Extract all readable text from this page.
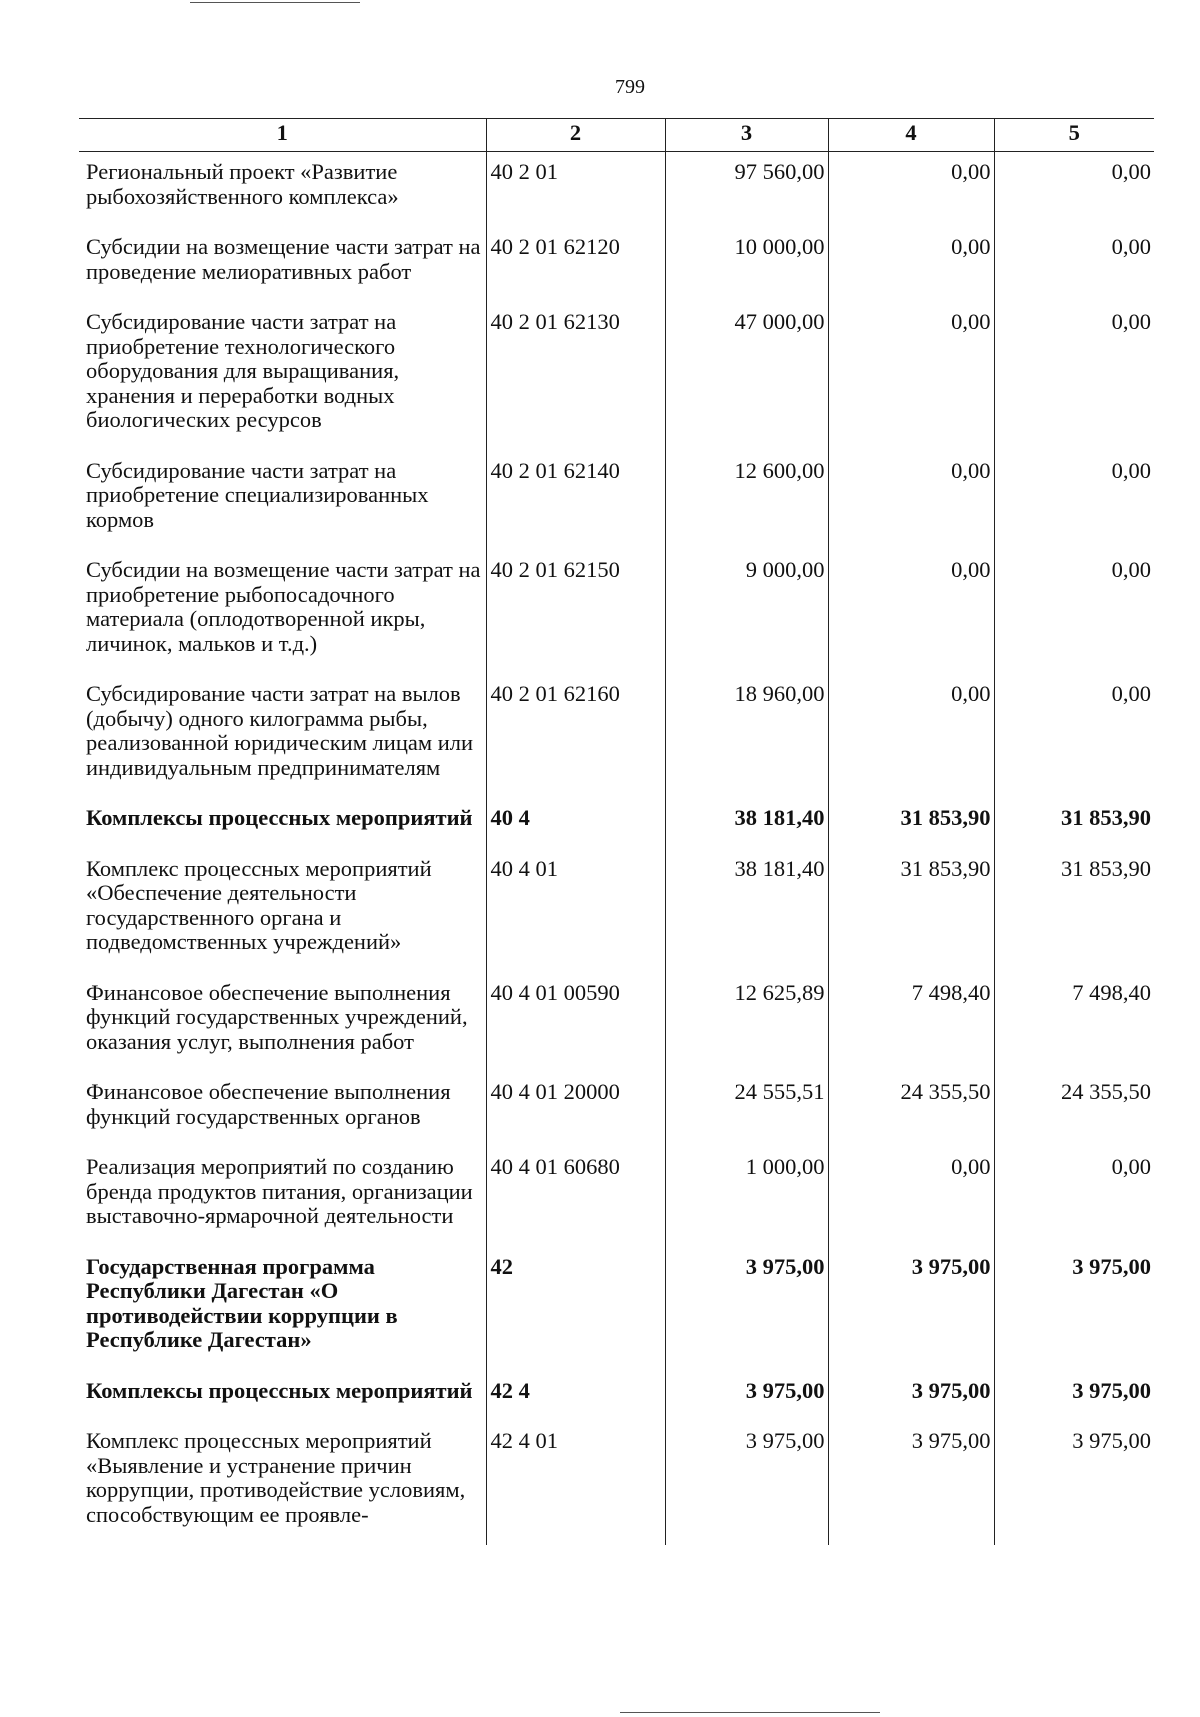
799
1	2	3	4	5
Региональный проект «Развитие рыбохозяйственного комплекса»	40 2 01	97 560,00	0,00	0,00
Субсидии на возмещение части затрат на проведение мелиоративных работ	40 2 01 62120	10 000,00	0,00	0,00
Субсидирование части затрат на приобретение технологического оборудования для выращивания, хранения и переработки водных биологических ресурсов	40 2 01 62130	47 000,00	0,00	0,00
Субсидирование части затрат на приобретение специализированных кормов	40 2 01 62140	12 600,00	0,00	0,00
Субсидии на возмещение части затрат на приобретение рыбопосадочного материала (оплодотворенной икры, личинок, мальков и т.д.)	40 2 01 62150	9 000,00	0,00	0,00
Субсидирование части затрат на вылов (добычу) одного килограмма рыбы, реализованной юридическим лицам или индивидуальным предпринимателям	40 2 01 62160	18 960,00	0,00	0,00
Комплексы процессных мероприятий	40 4	38 181,40	31 853,90	31 853,90
Комплекс процессных мероприятий «Обеспечение деятельности государственного органа и подведомственных учреждений»	40 4 01	38 181,40	31 853,90	31 853,90
Финансовое обеспечение выполнения функций государственных учреждений, оказания услуг, выполнения работ	40 4 01 00590	12 625,89	7 498,40	7 498,40
Финансовое обеспечение выполнения функций государственных органов	40 4 01 20000	24 555,51	24 355,50	24 355,50
Реализация мероприятий по созданию бренда продуктов питания, организации выставочно-ярмарочной деятельности	40 4 01 60680	1 000,00	0,00	0,00
Государственная программа Республики Дагестан «О противодействии коррупции в Республике Дагестан»	42	3 975,00	3 975,00	3 975,00
Комплексы процессных мероприятий	42 4	3 975,00	3 975,00	3 975,00
Комплекс процессных мероприятий «Выявление и устранение причин коррупции, противодействие условиям, способствующим ее проявле-	42 4 01	3 975,00	3 975,00	3 975,00
